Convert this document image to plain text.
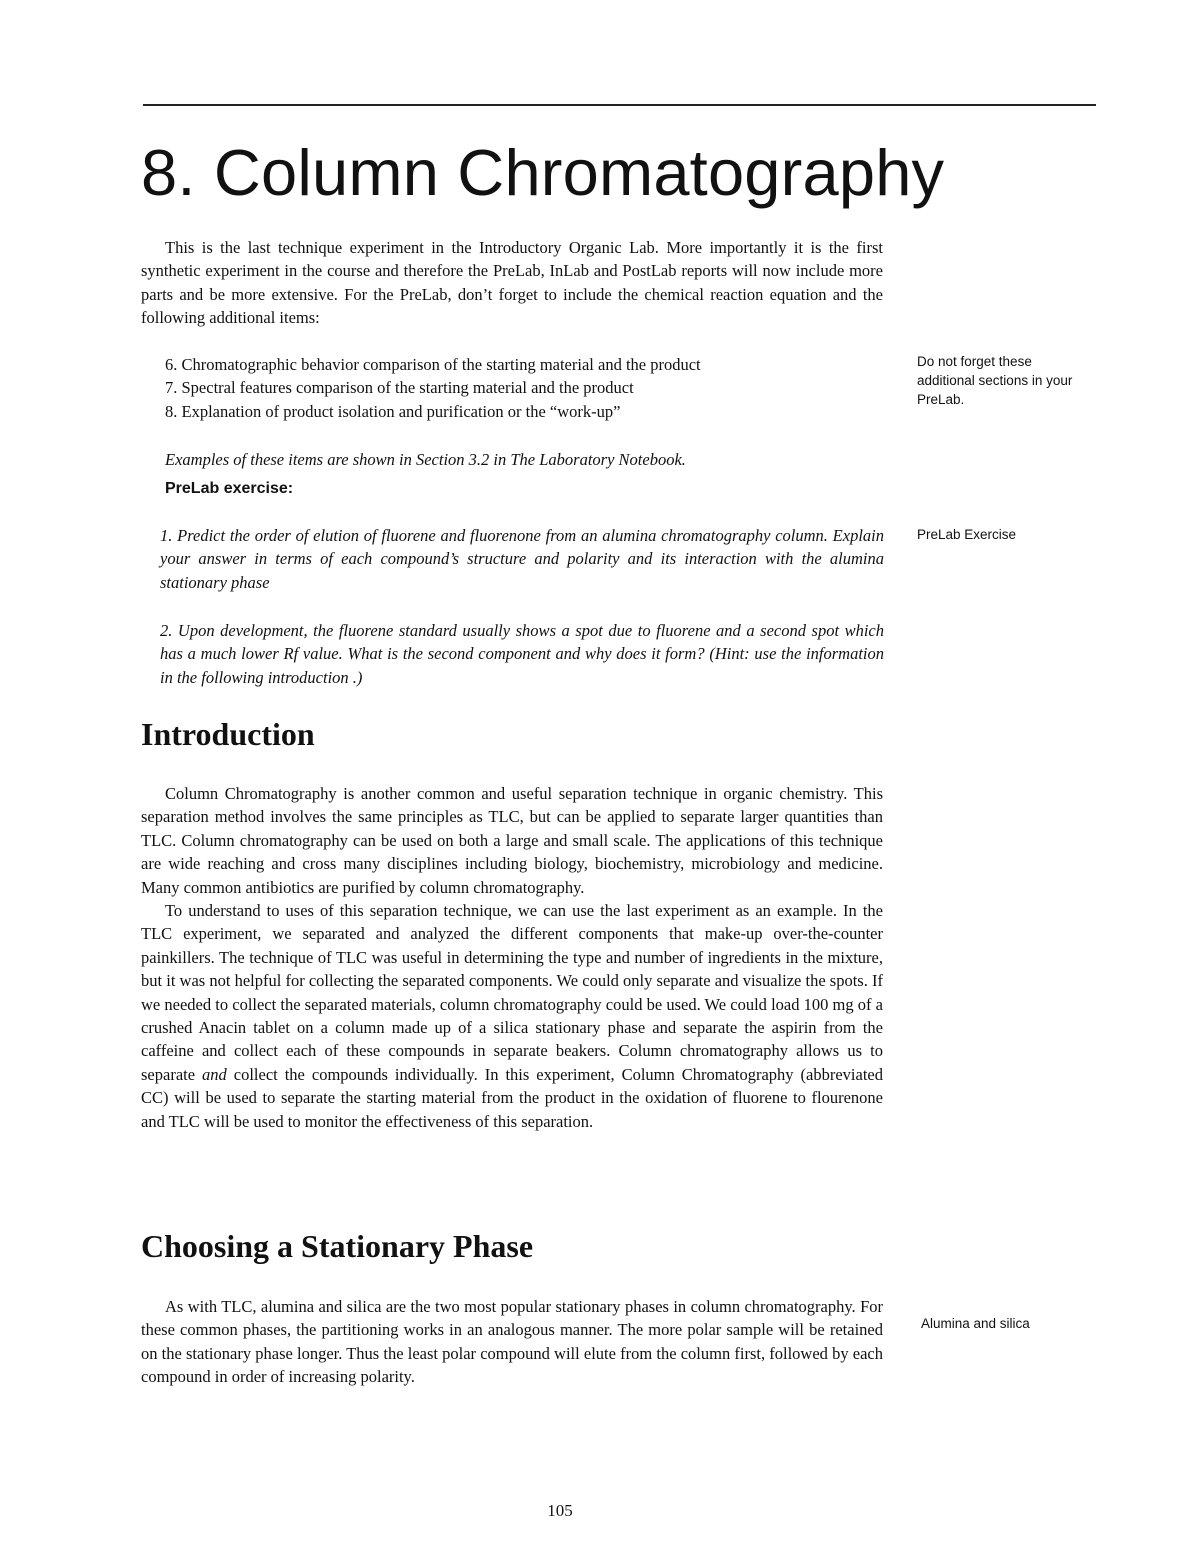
8. Column Chromatography

This is the last technique experiment in the Introductory Organic Lab. More importantly it is the first synthetic experiment in the course and therefore the PreLab, InLab and PostLab reports will now include more parts and be more extensive. For the PreLab, don’t forget to include the chemical reaction equation and the following additional items:

6. Chromatographic behavior comparison of the starting material and the product
7. Spectral features comparison of the starting material and the product
8. Explanation of product isolation and purification or the “work-up”

Do not forget these additional sections in your PreLab.

Examples of these items are shown in Section 3.2 in The Laboratory Notebook.

PreLab exercise:

1. Predict the order of elution of fluorene and fluorenone from an alumina chromatography column. Explain your answer in terms of each compound’s structure and polarity and its interaction with the alumina stationary phase

PreLab Exercise

2. Upon development, the fluorene standard usually shows a spot due to fluorene and a second spot which has a much lower Rf value. What is the second component and why does it form? (Hint: use the information in the following introduction .)

Introduction

Column Chromatography is another common and useful separation technique in organic chemistry. This separation method involves the same principles as TLC, but can be applied to separate larger quantities than TLC. Column chromatography can be used on both a large and small scale. The applications of this technique are wide reaching and cross many disciplines including biology, biochemistry, microbiology and medicine. Many common antibiotics are purified by column chromatography.

To understand to uses of this separation technique, we can use the last experiment as an example. In the TLC experiment, we separated and analyzed the different components that make-up over-the-counter painkillers. The technique of TLC was useful in determining the type and number of ingredients in the mixture, but it was not helpful for collecting the separated components. We could only separate and visualize the spots. If we needed to collect the separated materials, column chromatography could be used. We could load 100 mg of a crushed Anacin tablet on a column made up of a silica stationary phase and separate the aspirin from the caffeine and collect each of these compounds in separate beakers. Column chromatography allows us to separate and collect the compounds individually. In this experiment, Column Chromatography (abbreviated CC) will be used to separate the starting material from the product in the oxidation of fluorene to flourenone and TLC will be used to monitor the effectiveness of this separation.

Choosing a Stationary Phase

As with TLC, alumina and silica are the two most popular stationary phases in column chromatography. For these common phases, the partitioning works in an analogous manner. The more polar sample will be retained on the stationary phase longer. Thus the least polar compound will elute from the column first, followed by each compound in order of increasing polarity.

Alumina and silica

105
